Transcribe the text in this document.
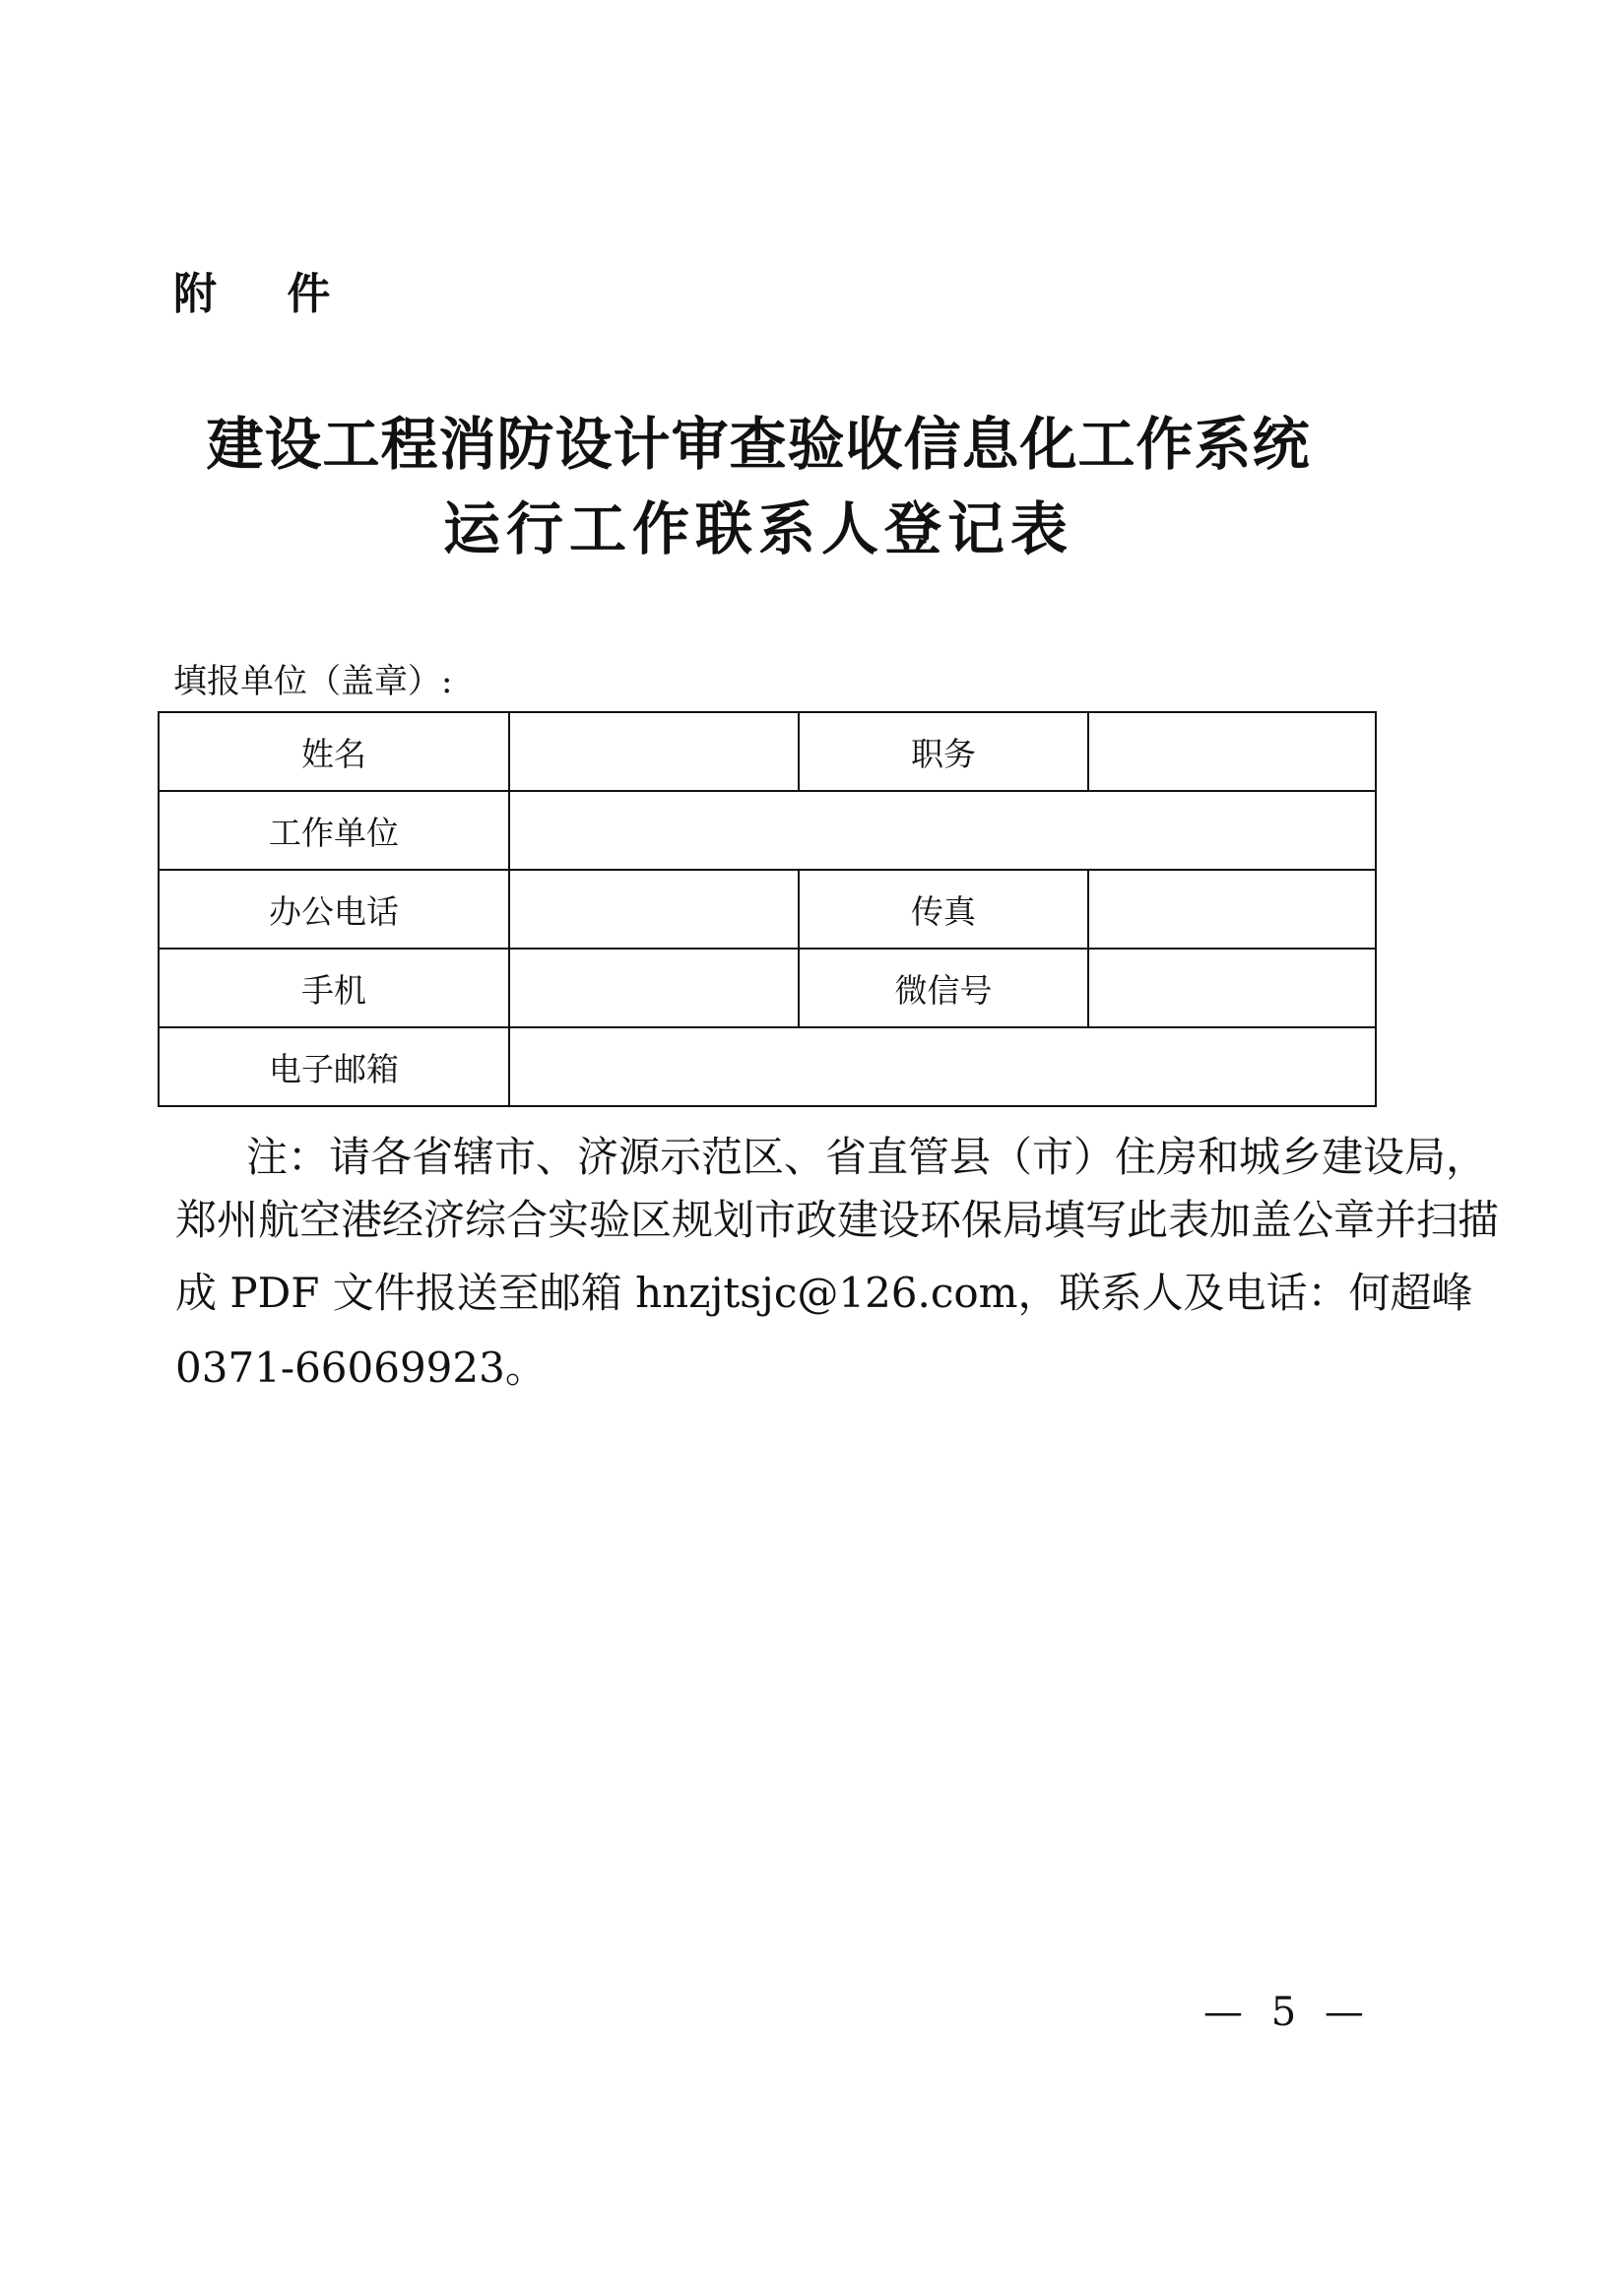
附 件
建设工程消防设计审查验收信息化工作系统
运行工作联系人登记表
填报单位（盖章）:
姓名		职务	
工作单位			
办公电话		传真	
手机		微信号	
电子邮箱			
注：请各省辖市、济源示范区、省直管县（市）住房和城乡建设局，
郑州航空港经济综合实验区规划市政建设环保局填写此表加盖公章并扫描
成 PDF 文件报送至邮箱 hnzjtsjc@126.com，联系人及电话：何超峰
0371-66069923。
— 5 —
